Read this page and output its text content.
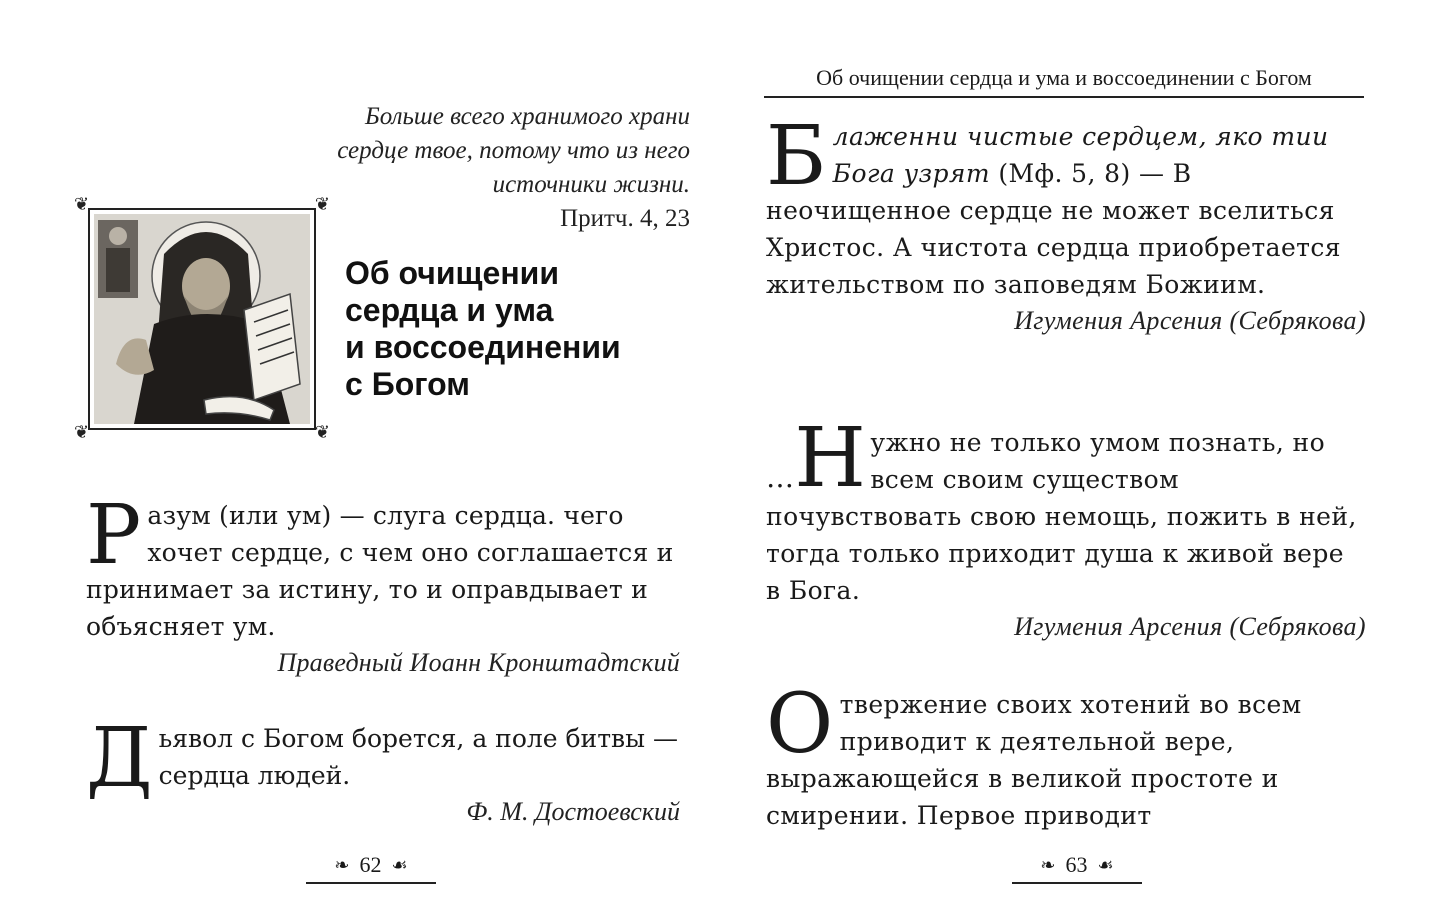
Больше всего хранимого храни
сердце твое, потому что из него
источники жизни.
Притч. 4, 23
❦	❦
❦	❦
Об очищении
сердца и ума
и воссоединении
с Богом
Разум (или ум) — слуга сердца. чего хочет сердце, с чем оно соглашается и принимает за истину, то и оправдывает и объясняет ум.
Праведный Иоанн Кронштадтский
Дьявол с Богом борется, а поле битвы — сердца людей.
Ф. М. Достоевский
❧ 62 ☙
Об очищении сердца и ума и воссоединении с Богом
Блаженни чистые сердцем, яко тии Бога узрят (Мф. 5, 8) — В неочищенное сердце не может вселиться Христос. А чистота сердца приобретается жительством по заповедям Божиим.
Игумения Арсения (Себрякова)
…Н ужно не только умом познать, но всем своим существом почувствовать свою немощь, пожить в ней, тогда только приходит душа к живой вере в Бога.
Игумения Арсения (Себрякова)
Отвержение своих хотений во всем приводит к деятельной вере, выражающейся в великой простоте и смирении. Первое приводит
❧ 63 ☙
